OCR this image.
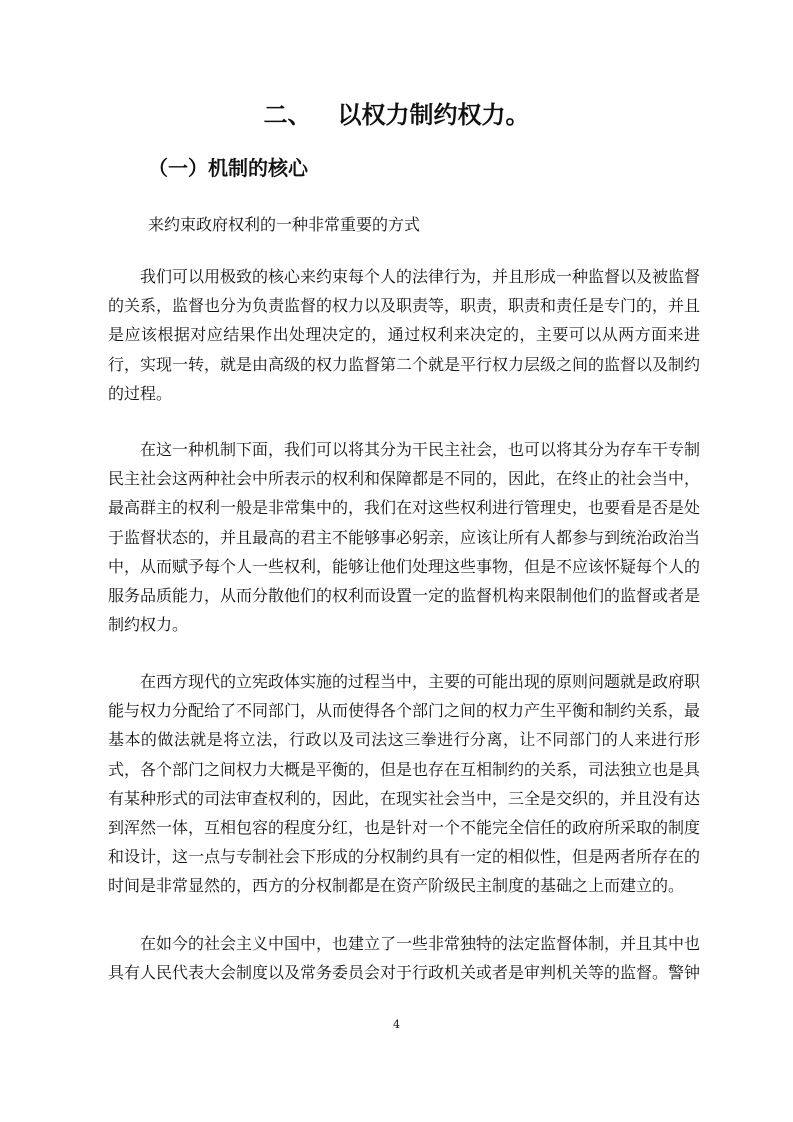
二、 以权力制约权力。
（一）机制的核心

来约束政府权利的一种非常重要的方式

我们可以用极致的核心来约束每个人的法律行为，并且形成一种监督以及被监督的关系，监督也分为负责监督的权力以及职责等，职责，职责和责任是专门的，并且是应该根据对应结果作出处理决定的，通过权利来决定的，主要可以从两方面来进行，实现一转，就是由高级的权力监督第二个就是平行权力层级之间的监督以及制约的过程。

在这一种机制下面，我们可以将其分为干民主社会，也可以将其分为存车干专制民主社会这两种社会中所表示的权利和保障都是不同的，因此，在终止的社会当中，最高群主的权利一般是非常集中的，我们在对这些权利进行管理史，也要看是否是处于监督状态的，并且最高的君主不能够事必躬亲，应该让所有人都参与到统治政治当中，从而赋予每个人一些权利，能够让他们处理这些事物，但是不应该怀疑每个人的服务品质能力，从而分散他们的权利而设置一定的监督机构来限制他们的监督或者是制约权力。

在西方现代的立宪政体实施的过程当中，主要的可能出现的原则问题就是政府职能与权力分配给了不同部门，从而使得各个部门之间的权力产生平衡和制约关系，最基本的做法就是将立法，行政以及司法这三拳进行分离，让不同部门的人来进行形式，各个部门之间权力大概是平衡的，但是也存在互相制约的关系，司法独立也是具有某种形式的司法审查权利的，因此，在现实社会当中，三全是交织的，并且没有达到浑然一体，互相包容的程度分红，也是针对一个不能完全信任的政府所采取的制度和设计，这一点与专制社会下形成的分权制约具有一定的相似性，但是两者所存在的时间是非常显然的，西方的分权制都是在资产阶级民主制度的基础之上而建立的。

在如今的社会主义中国中，也建立了一些非常独特的法定监督体制，并且其中也具有人民代表大会制度以及常务委员会对于行政机关或者是审判机关等的监督。警钟

4
